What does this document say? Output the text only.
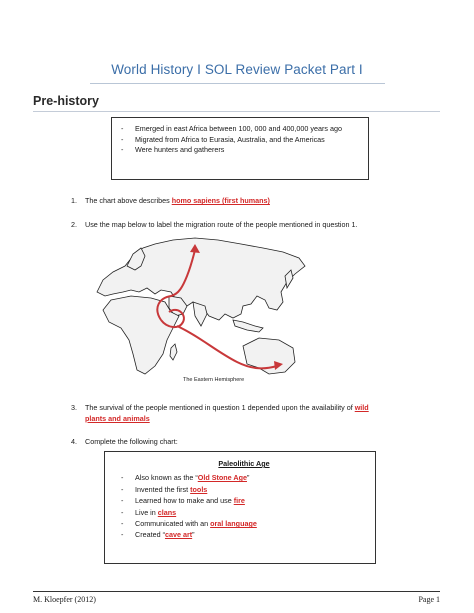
World History I SOL Review Packet Part I
Pre-history
-	Emerged in east Africa between 100, 000 and 400,000 years ago
-	Migrated from Africa to Eurasia, Australia, and the Americas
-	Were hunters and gatherers
1. The chart above describes homo sapiens (first humans)
2. Use the map below to label the migration route of the people mentioned in question 1.
The Eastern Hemisphere
3. The survival of the people mentioned in question 1 depended upon the availability of wild
plants and animals
4. Complete the following chart:
Paleolithic Age
-	Also known as the “Old Stone Age”
-	Invented the first tools
-	Learned how to make and use fire
-	Live in clans
-	Communicated with an oral language
-	Created “cave art”
M. Kloepfer (2012)	Page 1
